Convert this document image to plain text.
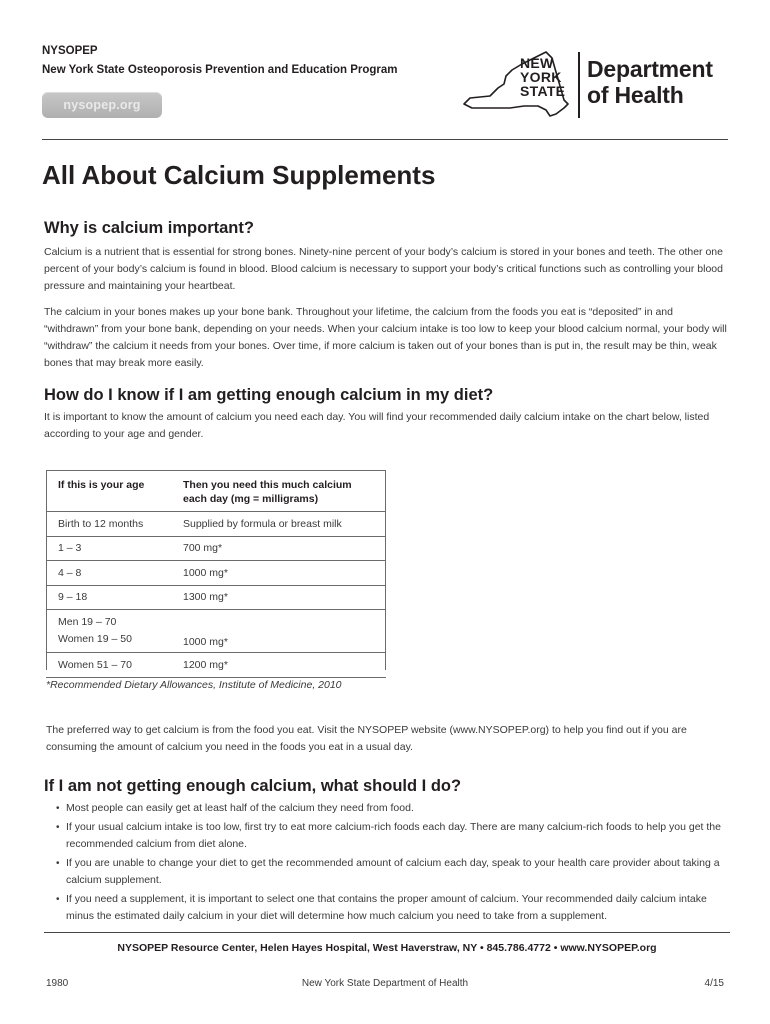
NYSOPEP
New York State Osteoporosis Prevention and Education Program
nysopep.org
NEW
YORK
STATE
Department
of Health
All About Calcium Supplements
Why is calcium important?

Calcium is a nutrient that is essential for strong bones. Ninety-nine percent of your body’s calcium is stored in your bones and teeth. The other one percent of your body’s calcium is found in blood. Blood calcium is necessary to support your body’s critical functions such as controlling your blood pressure and maintaining your heartbeat.

The calcium in your bones makes up your bone bank. Throughout your lifetime, the calcium from the foods you eat is “deposited” in and “withdrawn” from your bone bank, depending on your needs. When your calcium intake is too low to keep your blood calcium normal, your body will “withdraw” the calcium it needs from your bones. Over time, if more calcium is taken out of your bones than is put in, the result may be thin, weak bones that may break more easily.

How do I know if I am getting enough calcium in my diet?

It is important to know the amount of calcium you need each day. You will find your recommended daily calcium intake on the chart below, listed according to your age and gender.

If this is your age	Then you need this much calcium each day (mg = milligrams)
Birth to 12 months	Supplied by formula or breast milk
1 – 3	700 mg*
4 – 8	1000 mg*
9 – 18	1300 mg*

Men 19 – 70
Women 19 – 50	1000 mg*
Women 51 – 70	1200 mg*
*Recommended Dietary Allowances, Institute of Medicine, 2010

The preferred way to get calcium is from the food you eat. Visit the NYSOPEP website (www.NYSOPEP.org) to help you find out if you are consuming the amount of calcium you need in the foods you eat in a usual day.

If I am not getting enough calcium, what should I do?
• Most people can easily get at least half of the calcium they need from food.
• If your usual calcium intake is too low, first try to eat more calcium-rich foods each day. There are many calcium-rich foods to help you get the recommended calcium from diet alone.
• If you are unable to change your diet to get the recommended amount of calcium each day, speak to your health care provider about taking a calcium supplement.
• If you need a supplement, it is important to select one that contains the proper amount of calcium. Your recommended daily calcium intake minus the estimated daily calcium in your diet will determine how much calcium you need to take from a supplement.
NYSOPEP Resource Center, Helen Hayes Hospital, West Haverstraw, NY • 845.786.4772 • www.NYSOPEP.org
1980	New York State Department of Health	4/15
